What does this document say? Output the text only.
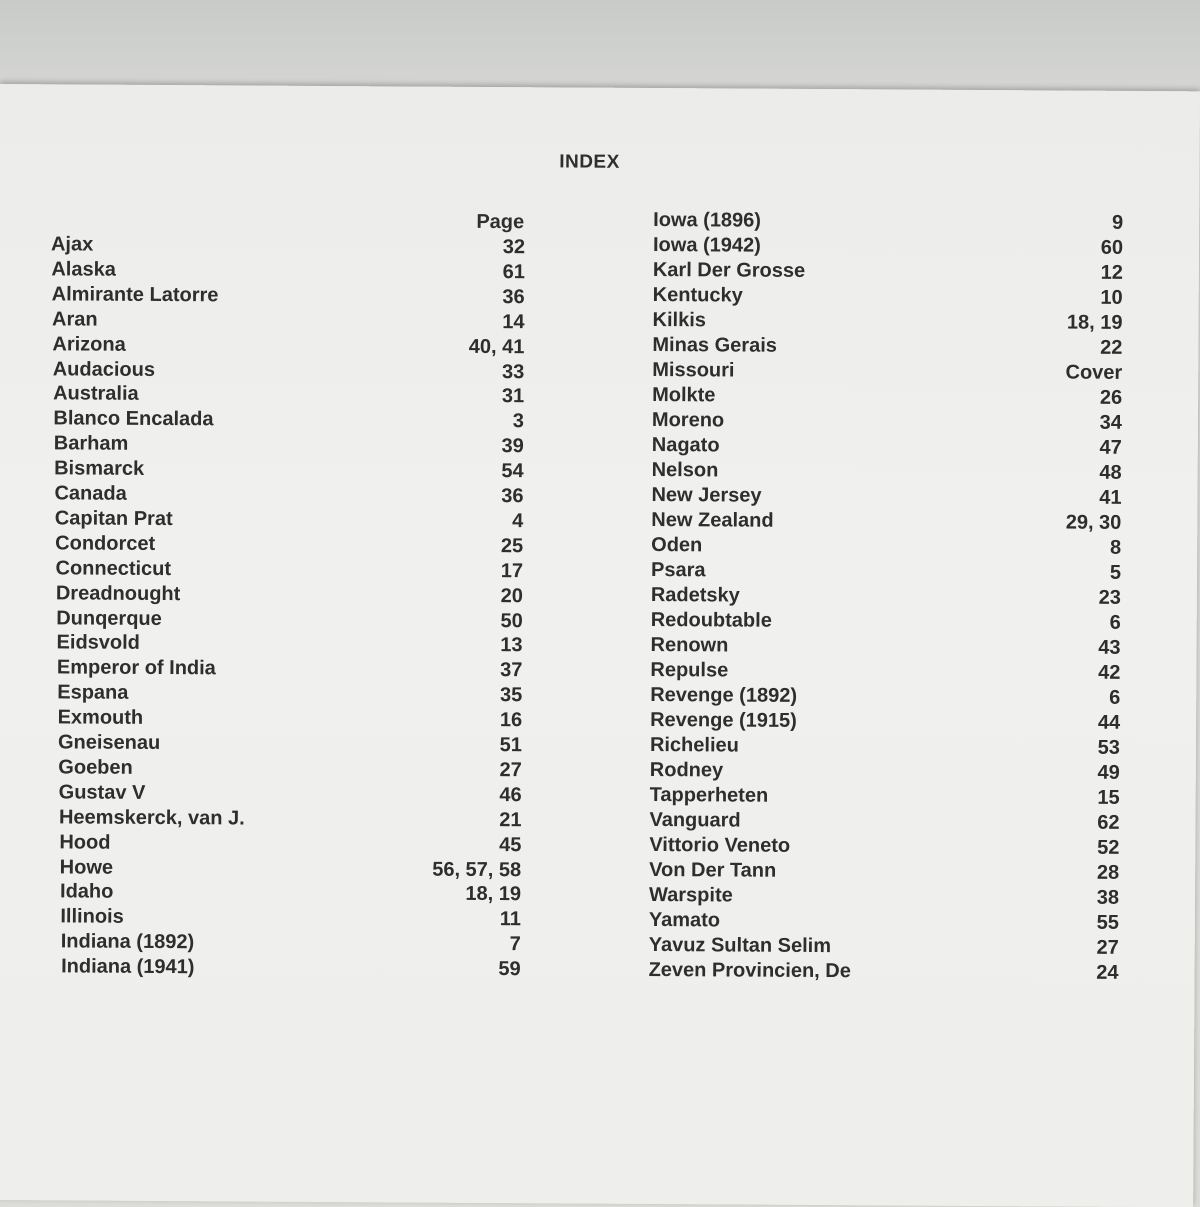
INDEX
Page
Ajax	32
Alaska	61
Almirante Latorre	36
Aran	14
Arizona	40, 41
Audacious	33
Australia	31
Blanco Encalada	3
Barham	39
Bismarck	54
Canada	36
Capitan Prat	4
Condorcet	25
Connecticut	17
Dreadnought	20
Dunqerque	50
Eidsvold	13
Emperor of India	37
Espana	35
Exmouth	16
Gneisenau	51
Goeben	27
Gustav V	46
Heemskerck, van J.	21
Hood	45
Howe	56, 57, 58
Idaho	18, 19
Illinois	11
Indiana (1892)	7
Indiana (1941)	59
Iowa (1896)	9
Iowa (1942)	60
Karl Der Grosse	12
Kentucky	10
Kilkis	18, 19
Minas Gerais	22
Missouri	Cover
Molkte	26
Moreno	34
Nagato	47
Nelson	48
New Jersey	41
New Zealand	29, 30
Oden	8
Psara	5
Radetsky	23
Redoubtable	6
Renown	43
Repulse	42
Revenge (1892)	6
Revenge (1915)	44
Richelieu	53
Rodney	49
Tapperheten	15
Vanguard	62
Vittorio Veneto	52
Von Der Tann	28
Warspite	38
Yamato	55
Yavuz Sultan Selim	27
Zeven Provincien, De	24
